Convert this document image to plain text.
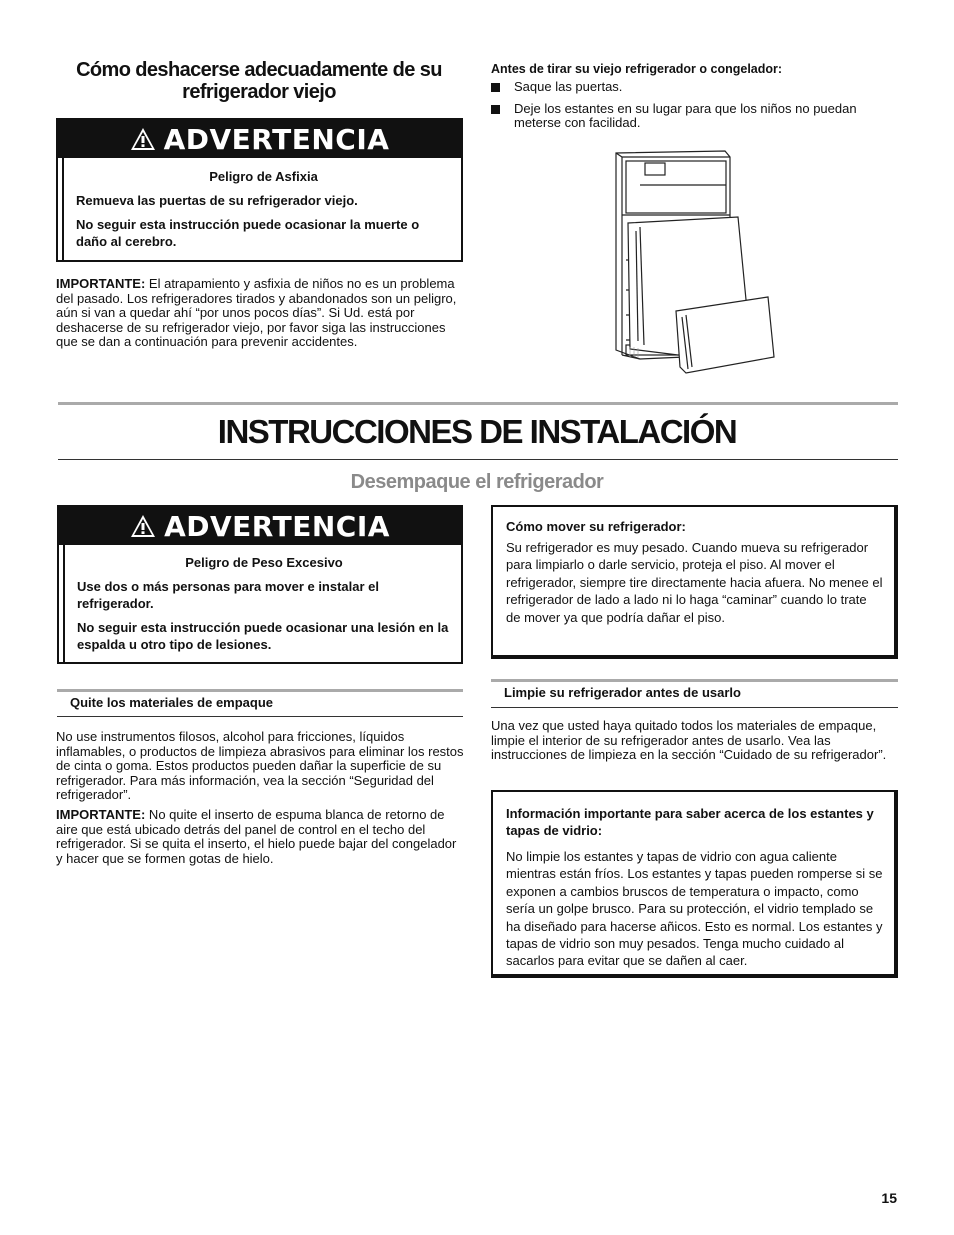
Cómo deshacerse adecuadamente de su refrigerador viejo
ADVERTENCIA

Peligro de Asfixia

Remueva las puertas de su refrigerador viejo.

No seguir esta instrucción puede ocasionar la muerte o daño al cerebro.

IMPORTANTE: El atrapamiento y asfixia de niños no es un problema del pasado. Los refrigeradores tirados y abandonados son un peligro, aún si van a quedar ahí “por unos pocos días”. Si Ud. está por deshacerse de su refrigerador viejo, por favor siga las instrucciones que se dan a continuación para prevenir accidentes.
Antes de tirar su viejo refrigerador o congelador:
Saque las puertas.
Deje los estantes en su lugar para que los niños no puedan meterse con facilidad.
INSTRUCCIONES DE INSTALACIÓN
Desempaque el refrigerador
ADVERTENCIA

Peligro de Peso Excesivo

Use dos o más personas para mover e instalar el refrigerador.

No seguir esta instrucción puede ocasionar una lesión en la espalda u otro tipo de lesiones.

Cómo mover su refrigerador:
Su refrigerador es muy pesado. Cuando mueva su refrigerador para limpiarlo o darle servicio, proteja el piso. Al mover el refrigerador, siempre tire directamente hacia afuera. No menee el refrigerador de lado a lado ni lo haga “caminar” cuando lo trate de mover ya que podría dañar el piso.
Quite los materiales de empaque

No use instrumentos filosos, alcohol para fricciones, líquidos inflamables, o productos de limpieza abrasivos para eliminar los restos de cinta o goma. Estos productos pueden dañar la superficie de su refrigerador. Para más información, vea la sección “Seguridad del refrigerador”.

IMPORTANTE: No quite el inserto de espuma blanca de retorno de aire que está ubicado detrás del panel de control en el techo del refrigerador. Si se quita el inserto, el hielo puede bajar del congelador y hacer que se formen gotas de hielo.

Limpie su refrigerador antes de usarlo
Una vez que usted haya quitado todos los materiales de empaque, limpie el interior de su refrigerador antes de usarlo. Vea las instrucciones de limpieza en la sección “Cuidado de su refrigerador”.
Información importante para saber acerca de los estantes y tapas de vidrio:
No limpie los estantes y tapas de vidrio con agua caliente mientras están fríos. Los estantes y tapas pueden romperse si se exponen a cambios bruscos de temperatura o impacto, como sería un golpe brusco. Para su protección, el vidrio templado se ha diseñado para hacerse añicos. Esto es normal. Los estantes y tapas de vidrio son muy pesados. Tenga mucho cuidado al sacarlos para evitar que se dañen al caer.
15
